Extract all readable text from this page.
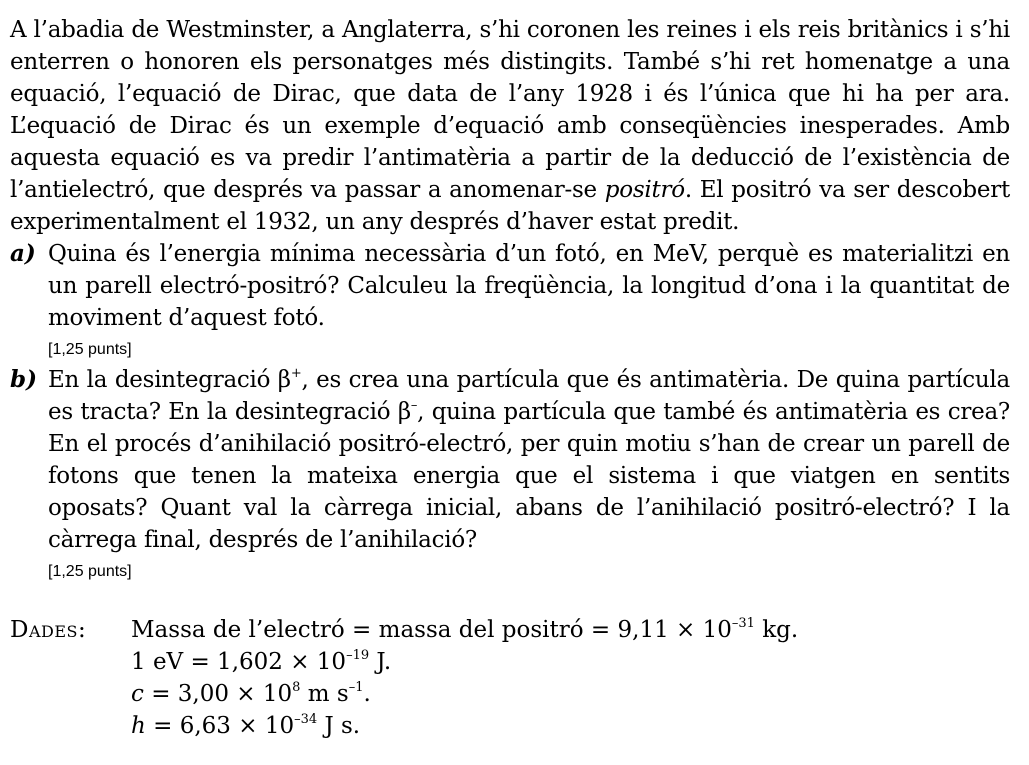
A l’abadia de Westminster, a Anglaterra, s’hi coronen les reines i els reis britànics i s’hi enterren o honoren els personatges més distingits. També s’hi ret homenatge a una equació, l’equació de Dirac, que data de l’any 1928 i és l’única que hi ha per ara. L’equació de Dirac és un exemple d’equació amb conseqüències inesperades. Amb aquesta equació es va predir l’antimatèria a partir de la deducció de l’existència de l’antielectró, que després va passar a anomenar-se positró. El positró va ser descobert experimentalment el 1932, un any després d’haver estat predit.

a) Quina és l’energia mínima necessària d’un fotó, en MeV, perquè es materialitzi en un parell electró-positró? Calculeu la freqüència, la longitud d’ona i la quantitat de moviment d’aquest fotó.

[1,25 punts]
b) En la desintegració β+, es crea una partícula que és antimatèria. De quina partícula es tracta? En la desintegració β–, quina partícula que també és antimatèria es crea? En el procés d’anihilació positró-electró, per quin motiu s’han de crear un parell de fotons que tenen la mateixa energia que el sistema i que viatgen en sentits oposats? Quant val la càrrega inicial, abans de l’anihilació positró-electró? I la càrrega final, després de l’anihilació?

[1,25 punts]
Dades: Massa de l’electró = massa del positró = $9,11 \times 10^{-31}$ kg.
1 eV = $1,602 \times 10^{-19}$ J.
$c = 3,00 \times 10^8$ m $s^{-1}$.
$h = 6,63 \times 10^{-34}$ J s.
